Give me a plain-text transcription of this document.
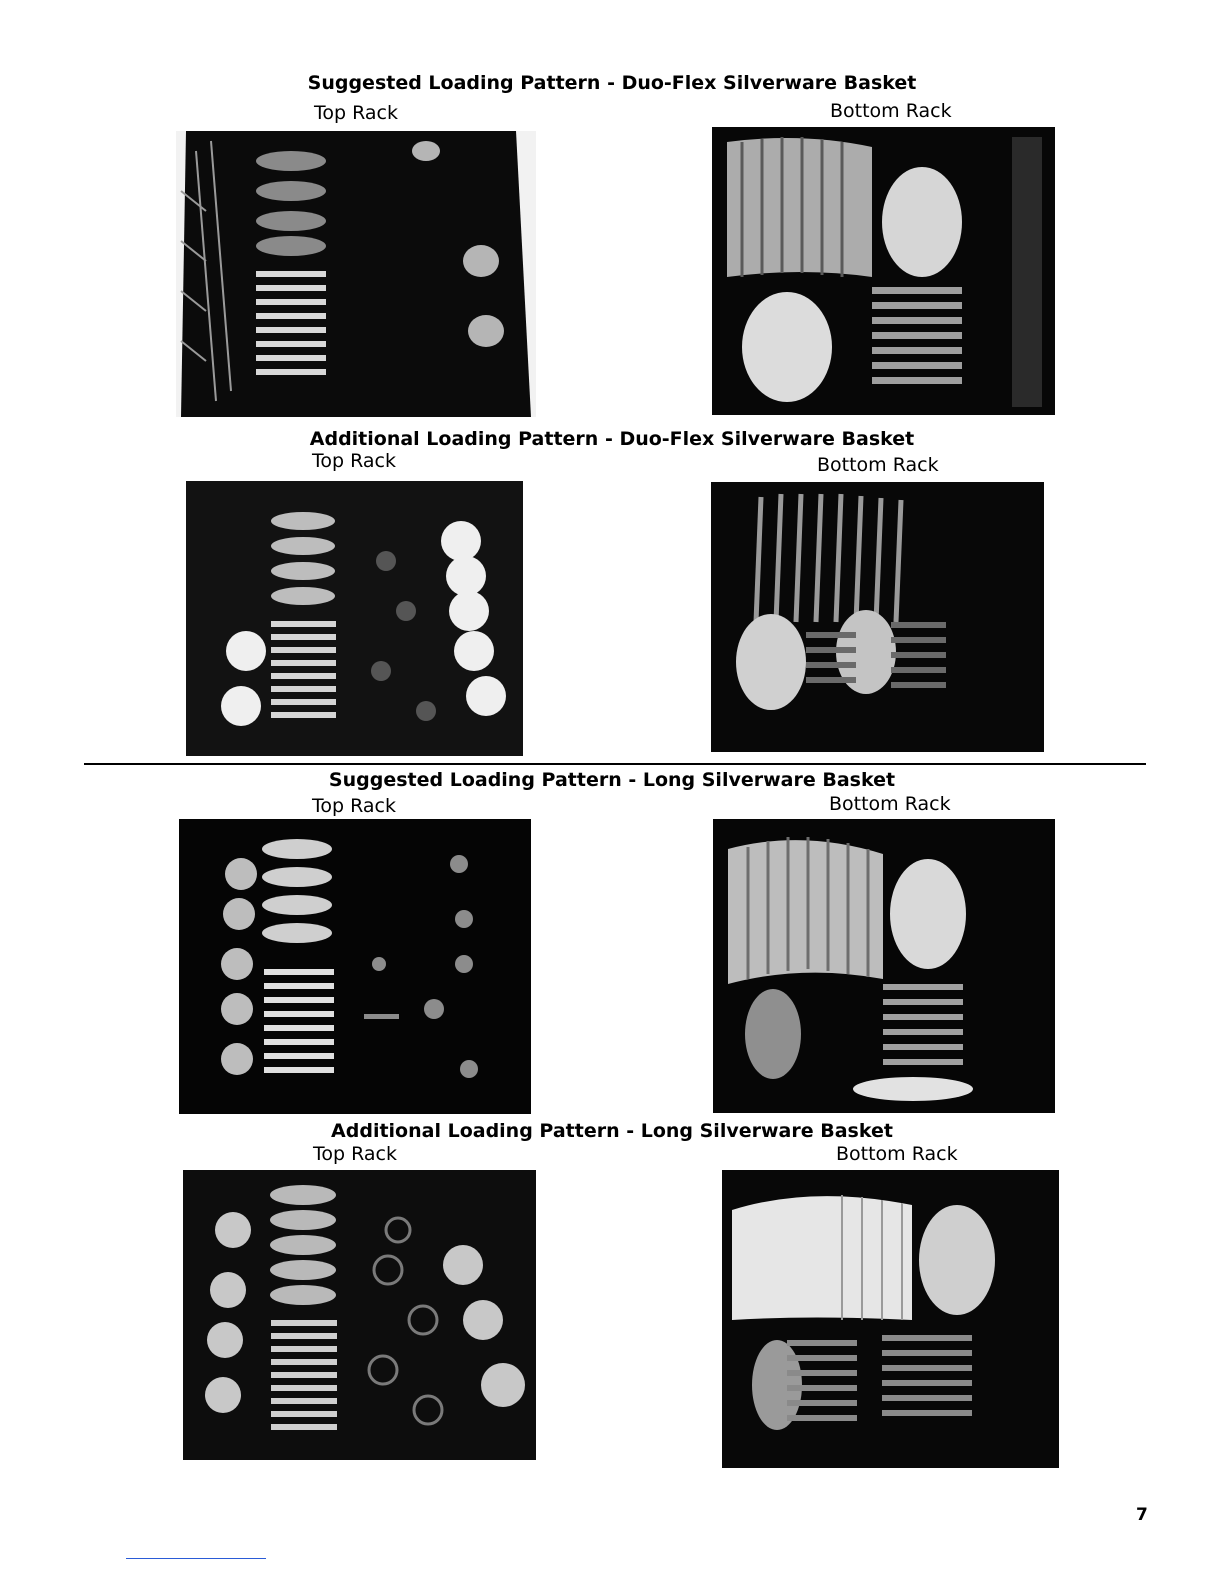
Suggested Loading Pattern - Duo-Flex Silverware Basket
Top Rack	Bottom Rack
Additional Loading Pattern - Duo-Flex Silverware Basket
Top Rack	Bottom Rack
Suggested Loading Pattern - Long Silverware Basket
Top Rack	Bottom Rack
Additional Loading Pattern - Long Silverware Basket
Top Rack	Bottom Rack
7
